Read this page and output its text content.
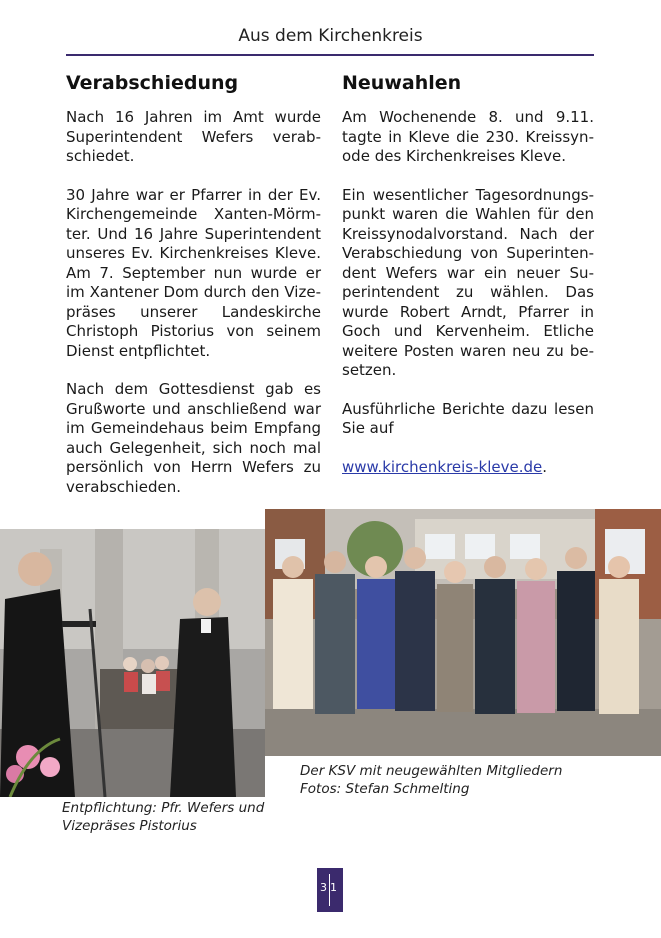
Aus dem Kirchenkreis
Verabschiedung

Nach 16 Jahren im Amt wurde Superintendent Wefers verabschiedet.

30 Jahre war er Pfarrer in der Ev. Kirchengemeinde Xanten-Mörmter. Und 16 Jahre Superintendent unseres Ev. Kirchenkreises Kleve. Am 7. September nun wurde er im Xantener Dom durch den Vizepräses unserer Landeskirche Christoph Pistorius von seinem Dienst entpflichtet.

Nach dem Gottesdienst gab es Grußworte und anschließend war im Gemeindehaus beim Empfang auch Gelegenheit, sich noch mal persönlich von Herrn Wefers zu verabschieden.

Neuwahlen

Am Wochenende 8. und 9.11. tagte in Kleve die 230. Kreissynode des Kirchenkreises Kleve.

Ein wesentlicher Tagesordnungspunkt waren die Wahlen für den Kreissynodalvorstand. Nach der Verabschiedung von Superintendent Wefers war ein neuer Superintendent zu wählen. Das wurde Robert Arndt, Pfarrer in Goch und Kervenheim. Etliche weitere Posten waren neu zu besetzen.

Ausführliche Berichte dazu lesen Sie auf

www.kirchenkreis-kleve.de.

Der KSV mit neugewählten Mitgliedern
Fotos: Stefan Schmelting
Entpflichtung: Pfr. Wefers und Vizepräses Pistorius
31
